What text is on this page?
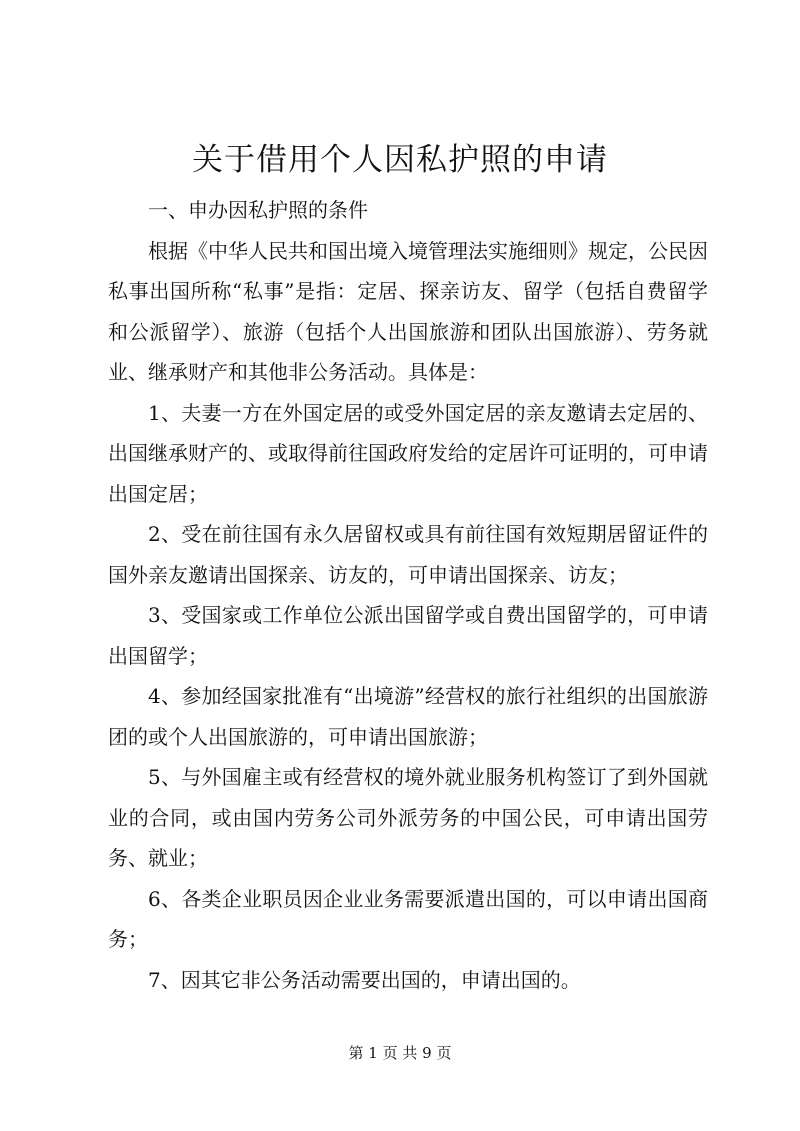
关于借用个人因私护照的申请

一、申办因私护照的条件

根据《中华人民共和国出境入境管理法实施细则》规定，公民因私事出国所称“私事”是指：定居、探亲访友、留学（包括自费留学和公派留学）、旅游（包括个人出国旅游和团队出国旅游）、劳务就业、继承财产和其他非公务活动。具体是：

1、夫妻一方在外国定居的或受外国定居的亲友邀请去定居的、出国继承财产的、或取得前往国政府发给的定居许可证明的，可申请出国定居；

2、受在前往国有永久居留权或具有前往国有效短期居留证件的国外亲友邀请出国探亲、访友的，可申请出国探亲、访友；

3、受国家或工作单位公派出国留学或自费出国留学的，可申请出国留学；

4、参加经国家批准有“出境游”经营权的旅行社组织的出国旅游团的或个人出国旅游的，可申请出国旅游；

5、与外国雇主或有经营权的境外就业服务机构签订了到外国就业的合同，或由国内劳务公司外派劳务的中国公民，可申请出国劳务、就业；

6、各类企业职员因企业业务需要派遣出国的，可以申请出国商务；

7、因其它非公务活动需要出国的，申请出国的。

第 1 页 共 9 页
